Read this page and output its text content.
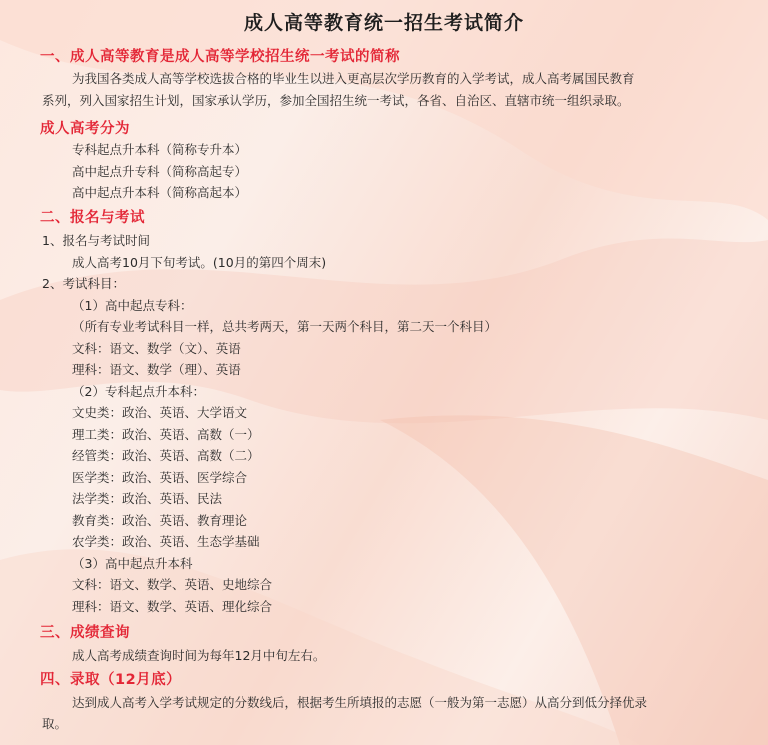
成人高等教育统一招生考试简介
一、成人高等教育是成人高等学校招生统一考试的简称
为我国各类成人高等学校选拔合格的毕业生以进入更高层次学历教育的入学考试，成人高考属国民教育
系列，列入国家招生计划，国家承认学历，参加全国招生统一考试，各省、自治区、直辖市统一组织录取。
成人高考分为
专科起点升本科（简称专升本）
高中起点升专科（简称高起专）
高中起点升本科（简称高起本）
二、报名与考试
1、报名与考试时间
成人高考10月下旬考试。(10月的第四个周末)
2、考试科目：
（1）高中起点专科：
（所有专业考试科目一样，总共考两天，第一天两个科目，第二天一个科目）
文科：语文、数学（文）、英语
理科：语文、数学（理）、英语
（2）专科起点升本科：
文史类：政治、英语、大学语文
理工类：政治、英语、高数（一）
经管类：政治、英语、高数（二）
医学类：政治、英语、医学综合
法学类：政治、英语、民法
教育类：政治、英语、教育理论
农学类：政治、英语、生态学基础
（3）高中起点升本科
文科：语文、数学、英语、史地综合
理科：语文、数学、英语、理化综合
三、成绩查询
成人高考成绩查询时间为每年12月中旬左右。
四、录取（12月底）
达到成人高考入学考试规定的分数线后，根据考生所填报的志愿（一般为第一志愿）从高分到低分择优录
取。
